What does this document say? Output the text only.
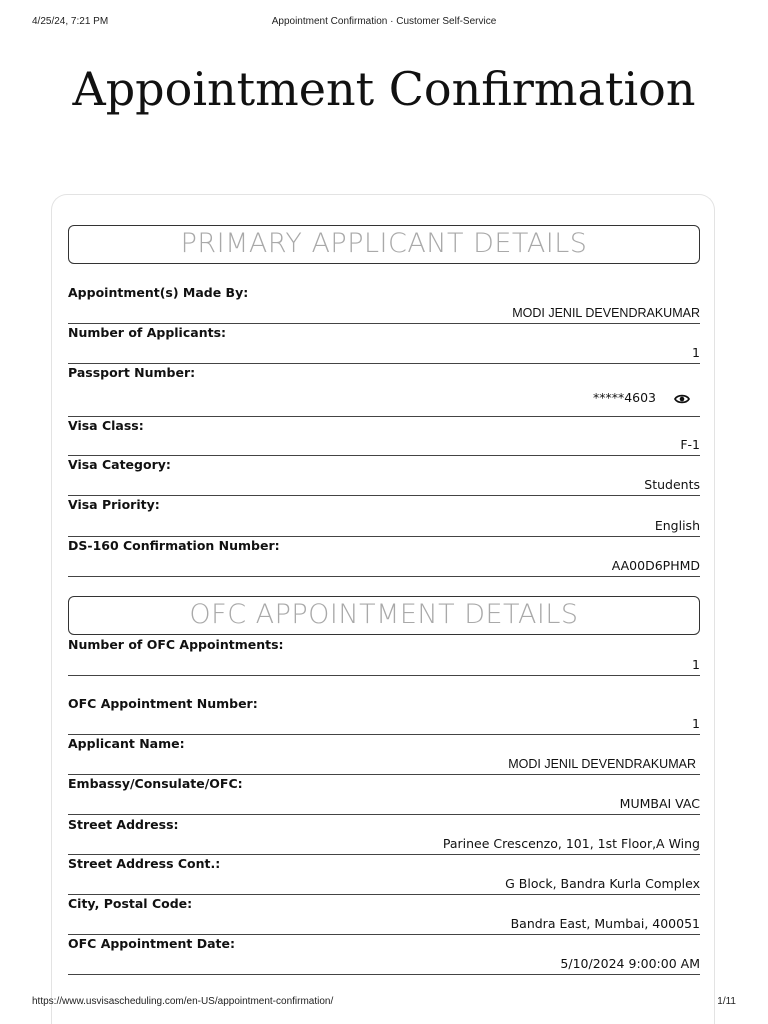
Appointment Confirmation · Customer Self-Service
4/25/24, 7:21 PM
Appointment Confirmation
PRIMARY APPLICANT DETAILS
Appointment(s) Made By:
MODI JENIL DEVENDRAKUMAR
Number of Applicants:
1
Passport Number:
*****4603
Visa Class:
F-1
Visa Category:
Students
Visa Priority:
English
DS-160 Confirmation Number:
AA00D6PHMD
OFC APPOINTMENT DETAILS
Number of OFC Appointments:
1
OFC Appointment Number:
1
Applicant Name:
MODI JENIL DEVENDRAKUMAR
Embassy/Consulate/OFC:
MUMBAI VAC
Street Address:
Parinee Crescenzo, 101, 1st Floor,A Wing
Street Address Cont.:
G Block, Bandra Kurla Complex
City, Postal Code:
Bandra East, Mumbai, 400051
OFC Appointment Date:
5/10/2024 9:00:00 AM
https://www.usvisascheduling.com/en-US/appointment-confirmation/	1/11
